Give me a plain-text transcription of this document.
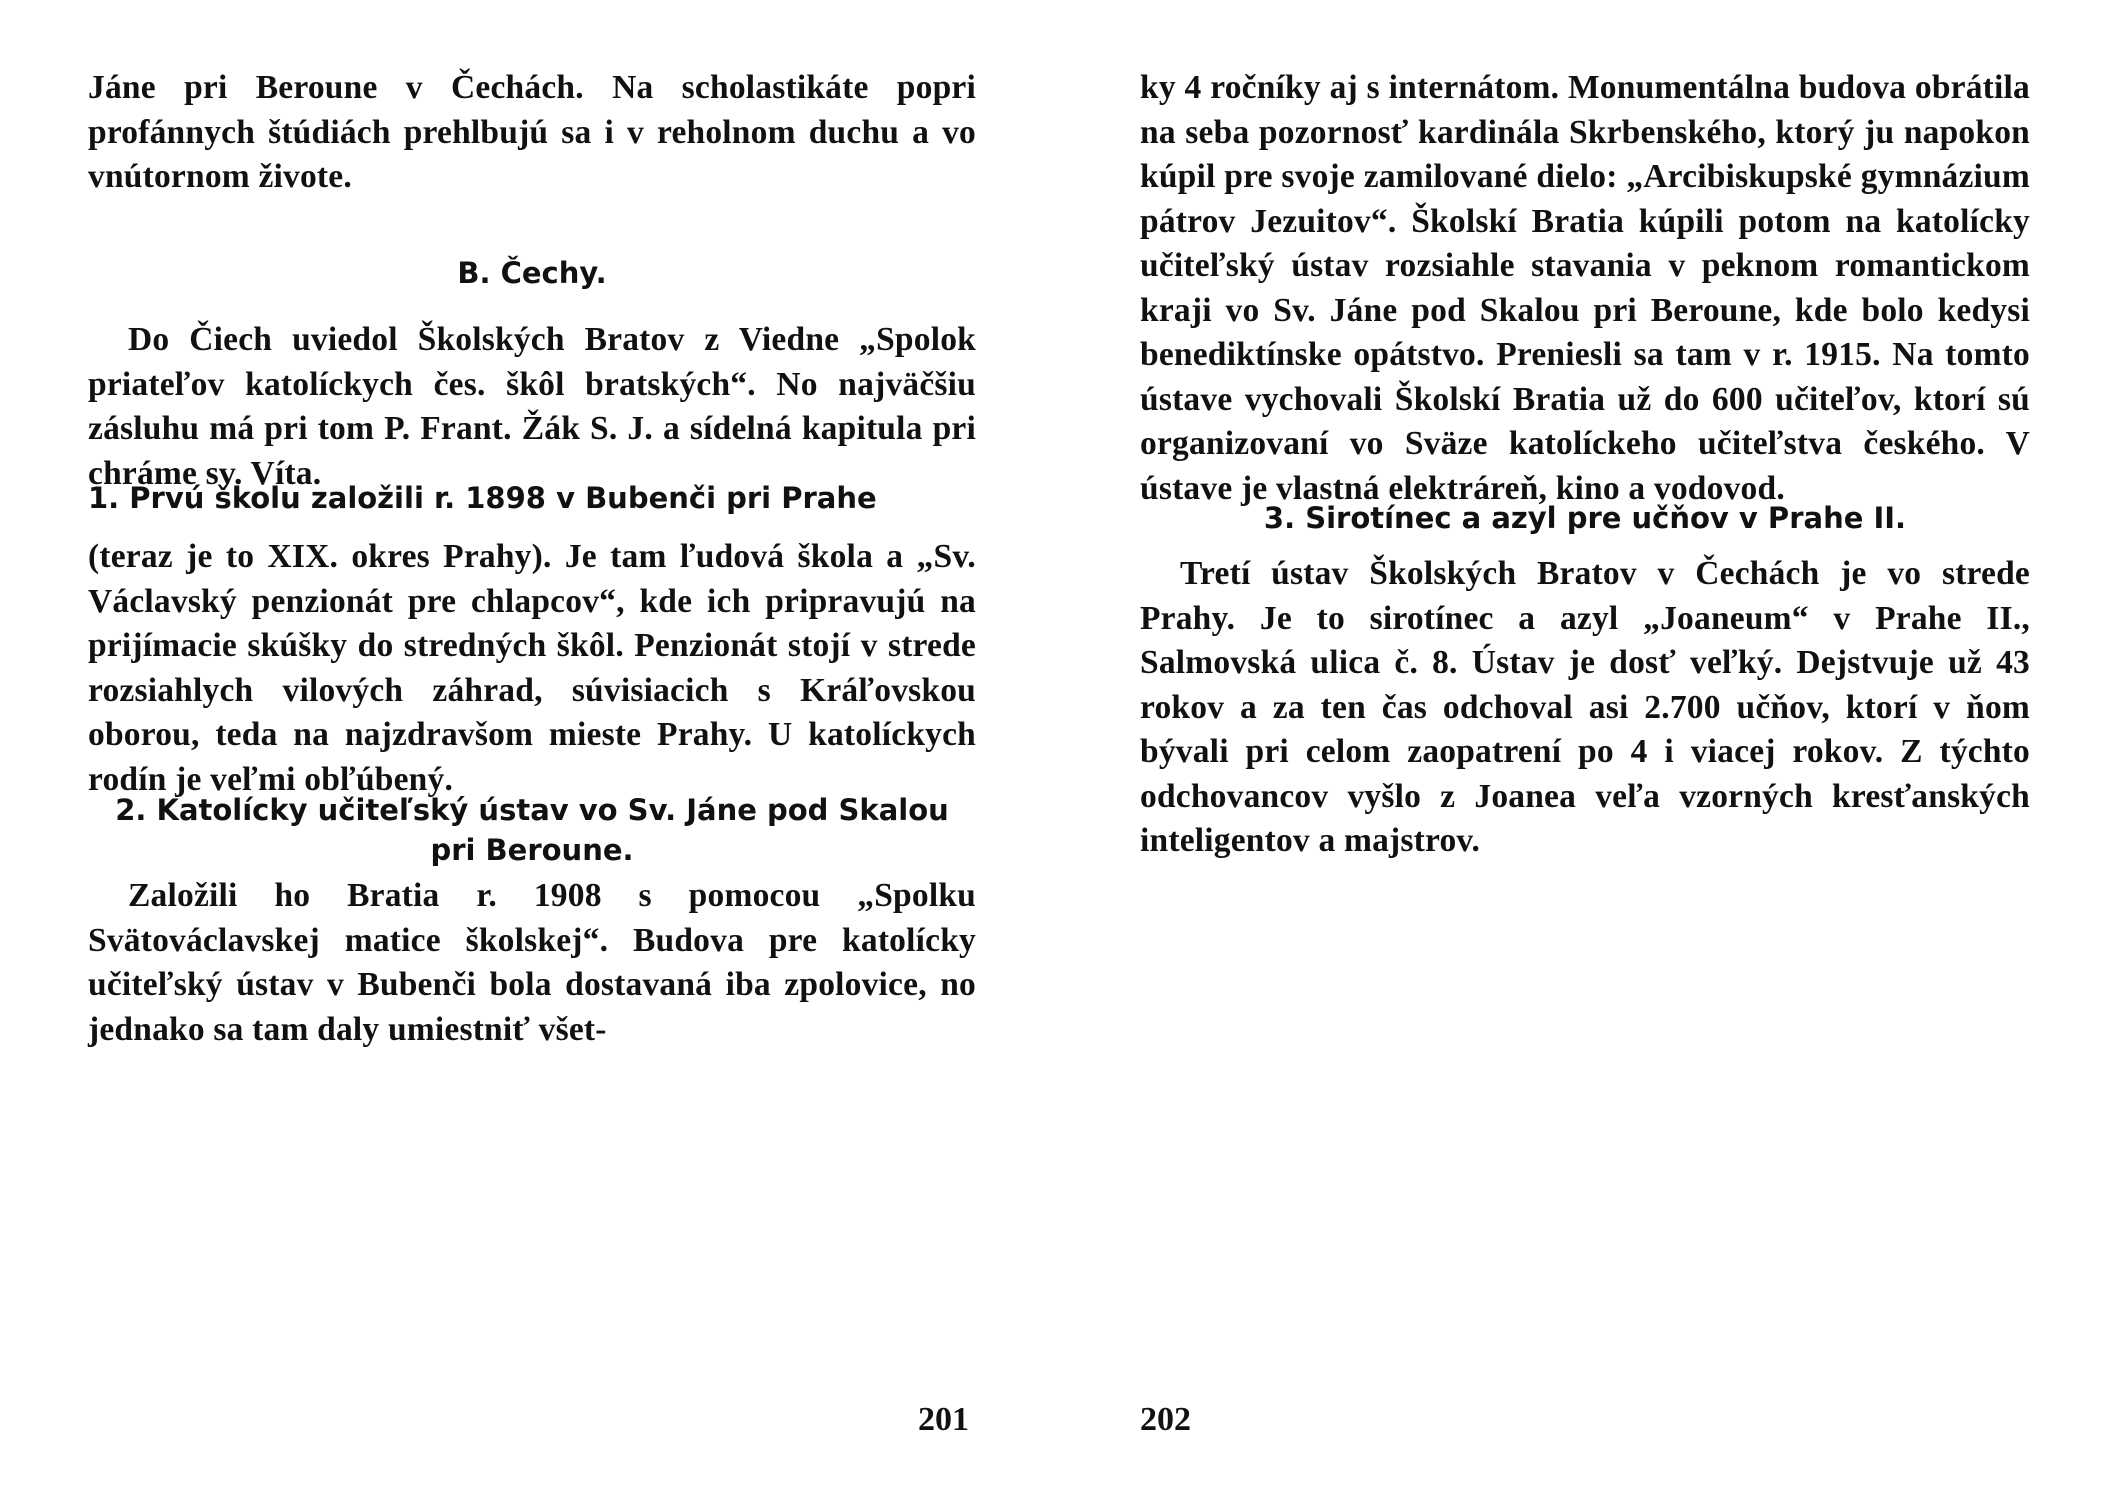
Jáne pri Beroune v Čechách. Na scholastikáte popri profánnych štúdiách prehlbujú sa i v reholnom duchu a vo vnútornom živote.

B. Čechy.

Do Čiech uviedol Školských Bratov z Viedne „Spolok priateľov katolíckych čes. škôl bratských“. No najväčšiu zásluhu má pri tom P. Frant. Žák S. J. a sídelná kapitula pri chráme sv. Víta.

1. Prvú školu založili r. 1898 v Bubenči pri Prahe

(teraz je to XIX. okres Prahy). Je tam ľudová škola a „Sv. Václavský penzionát pre chlapcov“, kde ich pripravujú na prijímacie skúšky do stredných škôl. Penzionát stojí v strede rozsiahlych vilových záhrad, súvisiacich s Kráľovskou oborou, teda na najzdravšom mieste Prahy. U katolíckych rodín je veľmi obľúbený.

2. Katolícky učiteľský ústav vo Sv. Jáne pod Skalou pri Beroune.

Založili ho Bratia r. 1908 s pomocou „Spolku Svätováclavskej matice školskej“. Budova pre katolícky učiteľský ústav v Bubenči bola dostavaná iba zpolovice, no jednako sa tam daly umiestniť všet-

201

ky 4 ročníky aj s internátom. Monumentálna budova obrátila na seba pozornosť kardinála Skrbenského, ktorý ju napokon kúpil pre svoje zamilované dielo: „Arcibiskupské gymnázium pátrov Jezuitov“. Školskí Bratia kúpili potom na katolícky učiteľský ústav rozsiahle stavania v peknom romantickom kraji vo Sv. Jáne pod Skalou pri Beroune, kde bolo kedysi benediktínske opátstvo. Preniesli sa tam v r. 1915. Na tomto ústave vychovali Školskí Bratia už do 600 učiteľov, ktorí sú organizovaní vo Sväze katolíckeho učiteľstva českého. V ústave je vlastná elektráreň, kino a vodovod.

3. Sirotínec a azyl pre učňov v Prahe II.

Tretí ústav Školských Bratov v Čechách je vo strede Prahy. Je to sirotínec a azyl „Joaneum“ v Prahe II., Salmovská ulica č. 8. Ústav je dosť veľký. Dejstvuje už 43 rokov a za ten čas odchoval asi 2.700 učňov, ktorí v ňom bývali pri celom zaopatrení po 4 i viacej rokov. Z týchto odchovancov vyšlo z Joanea veľa vzorných kresťanských inteligentov a majstrov.

202
